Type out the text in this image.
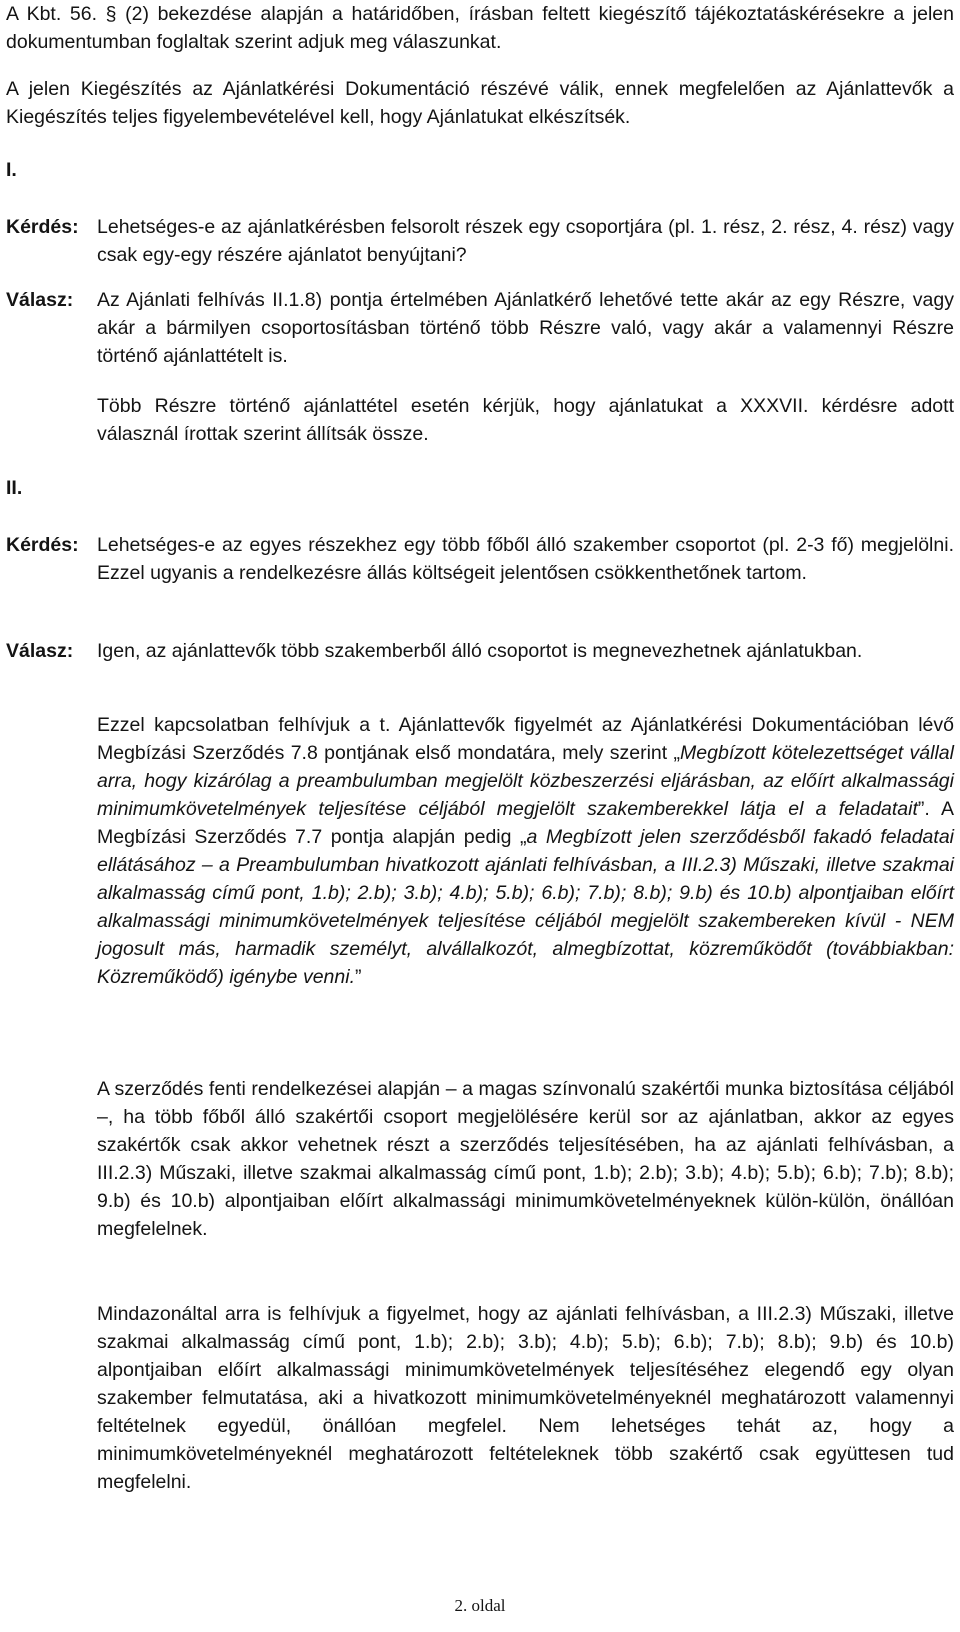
A Kbt. 56. § (2) bekezdése alapján a határidőben, írásban feltett kiegészítő tájékoztatáskérésekre a jelen dokumentumban foglaltak szerint adjuk meg válaszunkat.

A jelen Kiegészítés az Ajánlatkérési Dokumentáció részévé válik, ennek megfelelően az Ajánlattevők a Kiegészítés teljes figyelembevételével kell, hogy Ajánlatukat elkészítsék.

I.
Kérdés: Lehetséges-e az ajánlatkérésben felsorolt részek egy csoportjára (pl. 1. rész, 2. rész, 4. rész) vagy csak egy-egy részére ajánlatot benyújtani?
Válasz:	Az Ajánlati felhívás II.1.8) pontja értelmében Ajánlatkérő lehetővé tette akár az egy Részre, vagy akár a bármilyen csoportosításban történő több Részre való, vagy akár a valamennyi Részre történő ajánlattételt is.

Több Részre történő ajánlattétel esetén kérjük, hogy ajánlatukat a XXXVII. kérdésre adott válasznál írottak szerint állítsák össze.

II.
Kérdés: Lehetséges-e az egyes részekhez egy több főből álló szakember csoportot (pl. 2-3 fő) megjelölni. Ezzel ugyanis a rendelkezésre állás költségeit jelentősen csökkenthetőnek tartom.
Válasz:	Igen, az ajánlattevők több szakemberből álló csoportot is megnevezhetnek ajánlatukban.

Ezzel kapcsolatban felhívjuk a t. Ajánlattevők figyelmét az Ajánlatkérési Dokumentációban lévő Megbízási Szerződés 7.8 pontjának első mondatára, mely szerint „Megbízott kötelezettséget vállal arra, hogy kizárólag a preambulumban megjelölt közbeszerzési eljárásban, az előírt alkalmassági minimumkövetelmények teljesítése céljából megjelölt szakemberekkel látja el a feladatait”. A Megbízási Szerződés 7.7 pontja alapján pedig „a Megbízott jelen szerződésből fakadó feladatai ellátásához – a Preambulumban hivatkozott ajánlati felhívásban, a III.2.3) Műszaki, illetve szakmai alkalmasság című pont, 1.b); 2.b); 3.b); 4.b); 5.b); 6.b); 7.b); 8.b); 9.b) és 10.b) alpontjaiban előírt alkalmassági minimumkövetelmények teljesítése céljából megjelölt szakembereken kívül - NEM jogosult más, harmadik személyt, alvállalkozót, almegbízottat, közreműködőt (továbbiakban: Közreműködő) igénybe venni.”

A szerződés fenti rendelkezései alapján – a magas színvonalú szakértői munka biztosítása céljából –, ha több főből álló szakértői csoport megjelölésére kerül sor az ajánlatban, akkor az egyes szakértők csak akkor vehetnek részt a szerződés teljesítésében, ha az ajánlati felhívásban, a III.2.3) Műszaki, illetve szakmai alkalmasság című pont, 1.b); 2.b); 3.b); 4.b); 5.b); 6.b); 7.b); 8.b); 9.b) és 10.b) alpontjaiban előírt alkalmassági minimumkövetelményeknek külön-külön, önállóan megfelelnek.

Mindazonáltal arra is felhívjuk a figyelmet, hogy az ajánlati felhívásban, a III.2.3) Műszaki, illetve szakmai alkalmasság című pont, 1.b); 2.b); 3.b); 4.b); 5.b); 6.b); 7.b); 8.b); 9.b) és 10.b) alpontjaiban előírt alkalmassági minimumkövetelmények teljesítéséhez elegendő egy olyan szakember felmutatása, aki a hivatkozott minimumkövetelményeknél meghatározott valamennyi feltételnek egyedül, önállóan megfelel. Nem lehetséges tehát az, hogy a minimumkövetelményeknél meghatározott feltételeknek több szakértő csak együttesen tud megfelelni.

2. oldal
